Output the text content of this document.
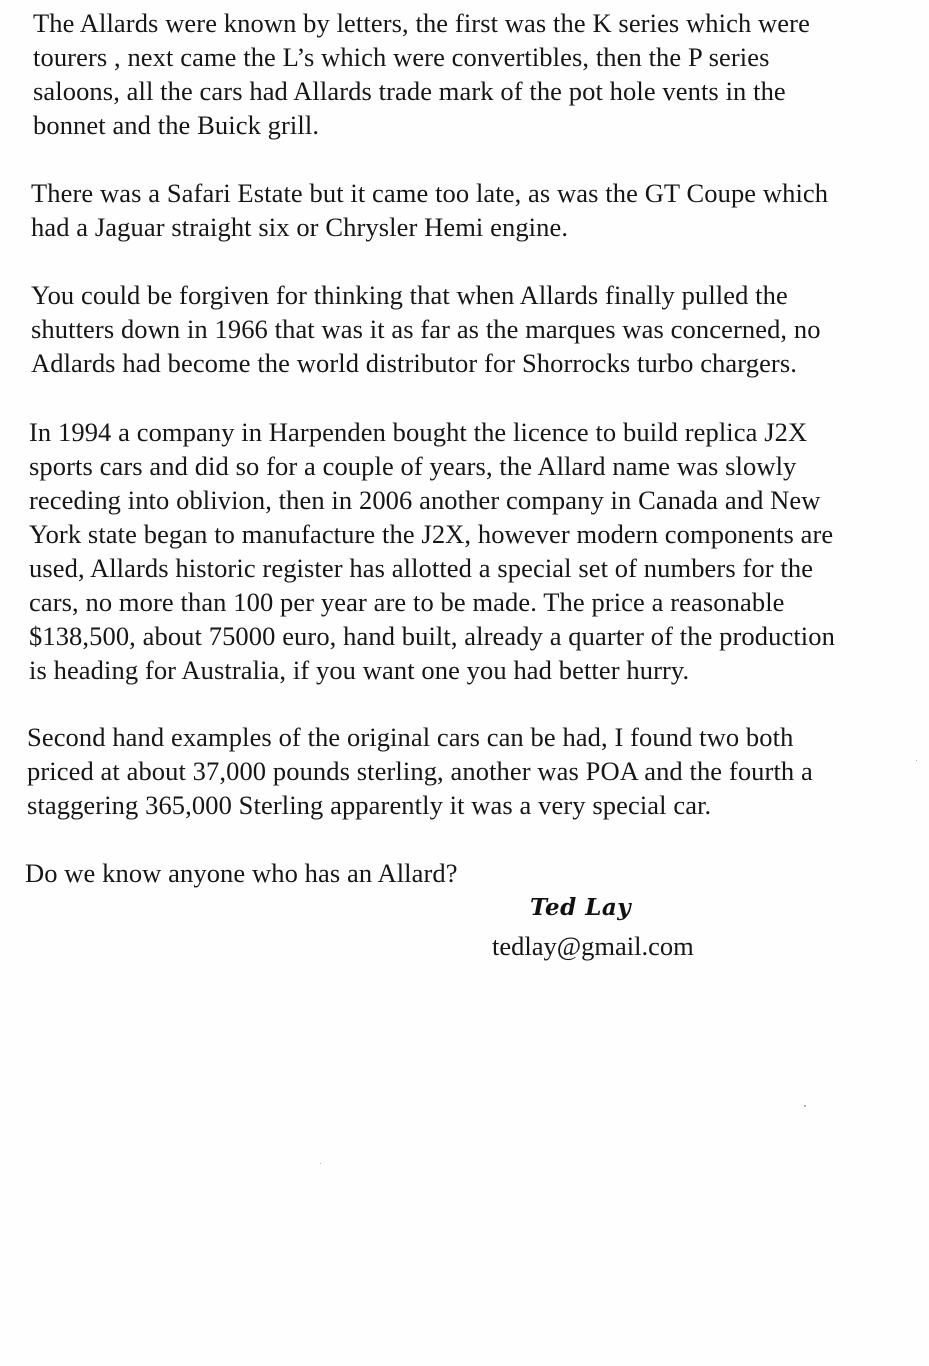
The Allards were known by letters, the first was the K series which were
tourers , next came the L’s which were convertibles, then the P series
saloons, all the cars had Allards trade mark of the pot hole vents in the
bonnet and the Buick grill.

There was a Safari Estate but it came too late, as was the GT Coupe which
had a Jaguar straight six or Chrysler Hemi engine.

You could be forgiven for thinking that when Allards finally pulled the
shutters down in 1966 that was it as far as the marques was concerned, no
Adlards had become the world distributor for Shorrocks turbo chargers.

In 1994 a company in Harpenden bought the licence to build replica J2X
sports cars and did so for a couple of years, the Allard name was slowly
receding into oblivion, then in 2006 another company in Canada and New
York state began to manufacture the J2X, however modern components are
used, Allards historic register has allotted a special set of numbers for the
cars, no more than 100 per year are to be made. The price a reasonable
$138,500, about 75000 euro, hand built, already a quarter of the production
is heading for Australia, if you want one you had better hurry.

Second hand examples of the original cars can be had, I found two both
priced at about 37,000 pounds sterling, another was POA and the fourth a
staggering 365,000 Sterling apparently it was a very special car.

Do we know anyone who has an Allard?

Ted Lay
tedlay@gmail.com
